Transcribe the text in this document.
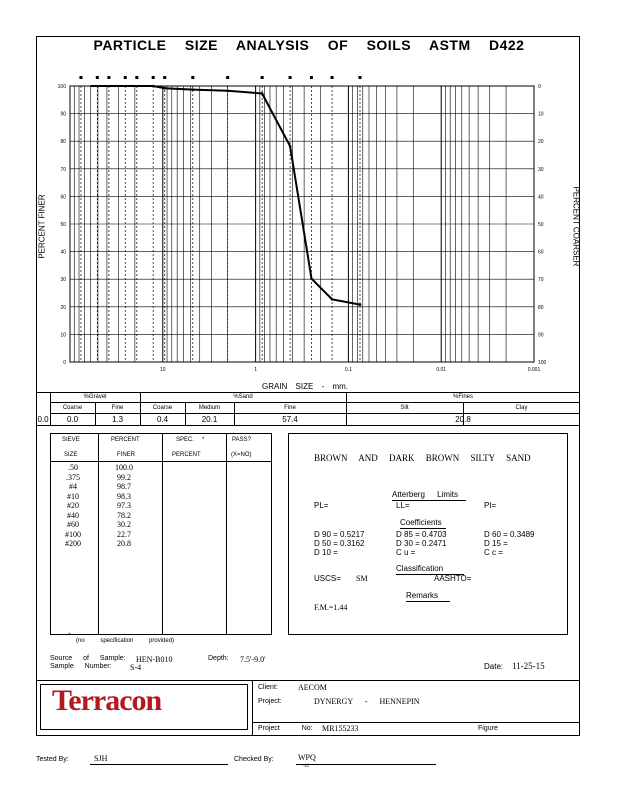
PARTICLE SIZE ANALYSIS OF SOILS ASTM D422
PERCENT FINER	PERCENT COARSER
100
90
80
70
60
50
40
30
20
10
0
0
10
20
30
40
50
60
70
80
90
100
10	1	0.1	0.01	0.001
GRAIN SIZE - mm.
%Gravel	%Sand	%Fines
Coarse	Fine	Coarse	Medium	Fine	Silt	Clay
0.0	0.0	1.3	0.4	20.1	57.4	20.8
SIEVE
SIZE
PERCENT
FINER
SPEC. *
PERCENT
PASS?
(X=NO)
.50	100.0
.375	99.2
#4	98.7
#10	98.3
#20	97.3
#40	78.2
#60	30.2
#100	22.7
#200	20.8
*
(no specification provided)
BROWN AND DARK BROWN SILTY SAND
Atterberg Limits
PL=	LL=	PI=
Coefficients
D 90 = 0.5217	D 85 = 0.4703	D 60 = 0.3489
D 50 = 0.3162	D 30 = 0.2471	D 15 =
D 10 =	C u =	C c =
Classification
USCS= SM	AASHTO=
Remarks
F.M.=1.44
Source of Sample: HEN-B010	Depth: 7.5'-9.0'
Sample Number: S-4	Date: 11-25-15
Terracon	Client:	AECOM
Project:	DYNERGY - HENNEPIN
Project No: MR155233	Figure
Tested By:	SJH	Checked By:	WPQ
~ct
